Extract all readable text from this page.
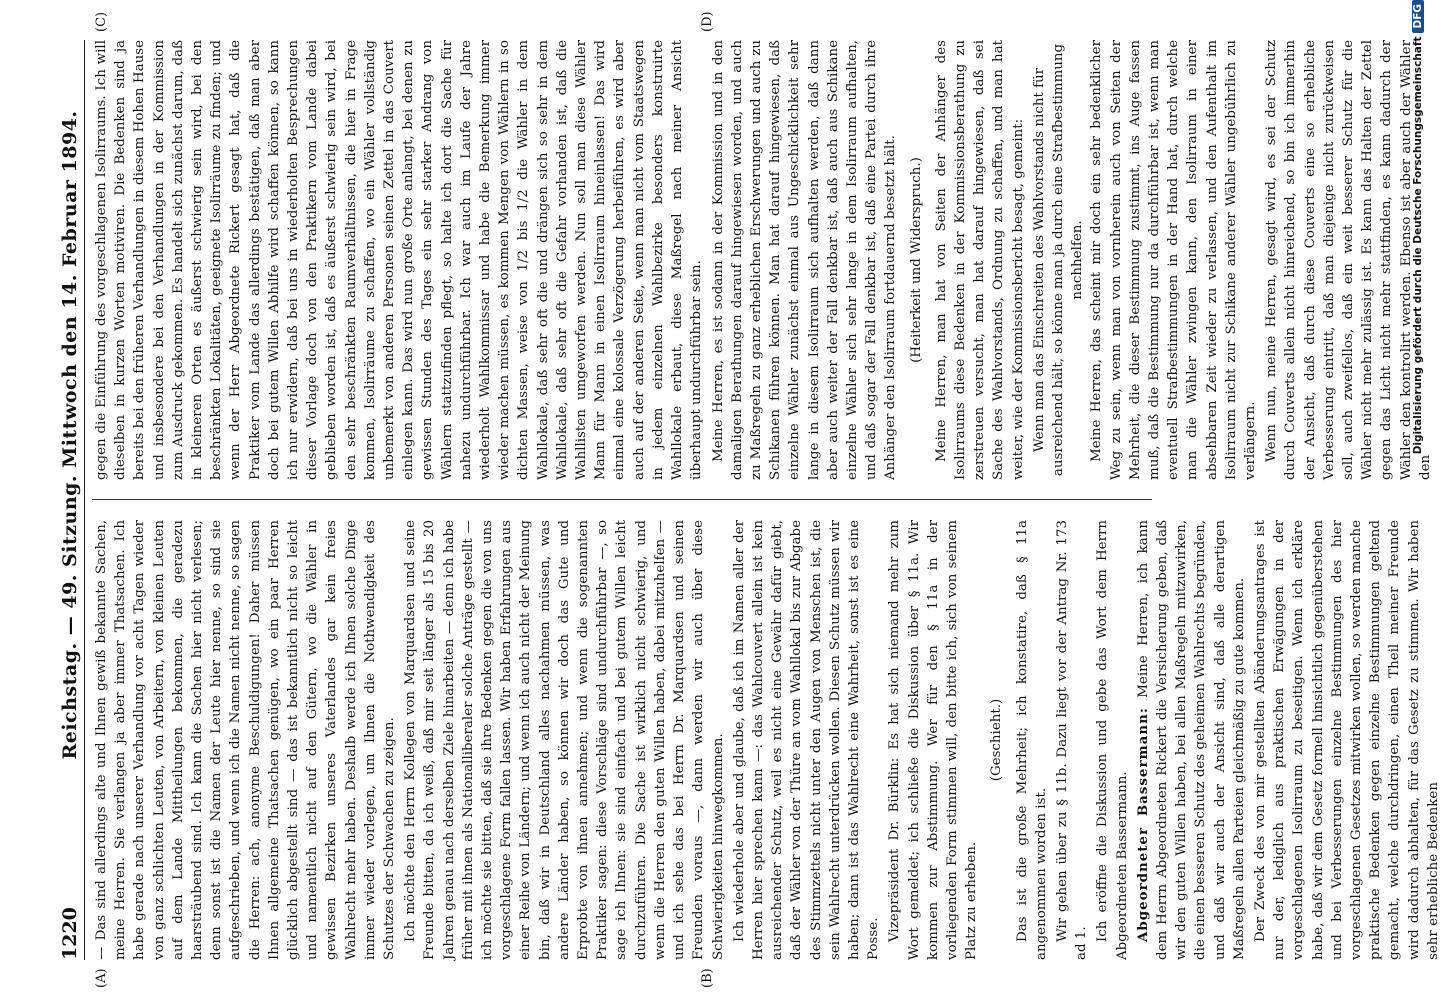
1220
Reichstag. — 49. Sitzung. Mittwoch den 14. Februar 1894.
(A)	(B)
(C)	(D)

— Das sind allerdings alte und Ihnen gewiß bekannte Sachen, meine Herren. Sie verlangen ja aber immer Thatsachen. Ich habe gerade nach unserer Verhandlung vor acht Tagen wieder von ganz schlichten Leuten, von Arbeitern, von kleinen Leuten auf dem Lande Mittheilungen bekommen, die geradezu haarsträubend sind. Ich kann die Sachen hier nicht verlesen; denn sonst ist die Namen der Leute hier nenne, so sind sie aufgeschrieben, und wenn ich die Namen nicht nenne, so sagen die Herren: ach, anonyme Beschuldigungen! Daher müssen Ihnen allgemeine Thatsachen genügen, wo ein paar Herren glücklich abgestellt sind — das ist bekanntlich nicht so leicht und namentlich nicht auf den Gütern, wo die Wähler in gewissen Bezirken unseres Vaterlandes gar kein freies Wahlrecht mehr haben. Deshalb werde ich Ihnen solche Dinge immer wieder vorlegen, um Ihnen die Nothwendigkeit des Schutzes der Schwachen zu zeigen. Ich möchte den Herrn Kollegen von Marquardsen und seine Freunde bitten, da ich weiß, daß mir seit länger als 15 bis 20 Jahren genau nach derselben Ziele hinarbeiten — denn ich habe früher mit ihnen als Nationalliberaler solche Anträge gestellt — ich möchte sie bitten, daß sie ihre Bedenken gegen die von uns vorgeschlagene Form fallen lassen. Wir haben Erfahrungen aus einer Reihe von Ländern; und wenn ich auch nicht der Meinung bin, daß wir in Deutschland alles nachahmen müssen, was andere Länder haben, so können wir doch das Gute und Erprobte von ihnen annehmen; und wenn die sogenannten Praktiker sagen: diese Vorschläge sind undurchführbar —, so sage ich Ihnen: sie sind einfach und bei gutem Willen leicht durchzuführen. Die Sache ist wirklich nicht schwierig, und wenn die Herren den guten Willen haben, dabei mitzuhelfen — und ich sehe das bei Herrn Dr. Marquardsen und seinen Freunden voraus —, dann werden wir auch über diese Schwierigkeiten hinwegkommen. Ich wiederhole aber und glaube, daß ich im Namen aller der Herren hier sprechen kann —: das Wahlcouvert allein ist kein ausreichender Schutz, weil es nicht eine Gewähr dafür giebt, daß der Wähler von der Thüre an vom Wahllokal bis zur Abgabe des Stimmzettels nicht unter den Augen von Menschen ist, die sein Wahlrecht unterdrücken wollen. Diesen Schutz müssen wir haben; dann ist das Wahlrecht eine Wahrheit, sonst ist es eine Posse. Vizepräsident Dr. Bürklin: Es hat sich niemand mehr zum Wort gemeldet; ich schließe die Diskussion über § 11a. Wir kommen zur Abstimmung. Wer für den § 11a in der vorliegenden Form stimmen will, den bitte ich, sich von seinem Platz zu erheben.

(Geschieht.) Das ist die große Mehrheit; ich konstatire, daß § 11a angenommen worden ist. Wir gehen über zu § 11b. Dazu liegt vor der Antrag Nr. 173 ad 1.

Ich eröffne die Diskussion und gebe das Wort dem Herrn Abgeordneten Bassermann. Abgeordneter Bassermann: Meine Herren, ich kann dem Herrn Abgeordneten Rickert die Versicherung geben, daß wir den guten Willen haben, bei allen Maßregeln mitzuwirken, die einen besseren Schutz des geheimen Wahlrechts begründen, und daß wir auch der Ansicht sind, daß alle derartigen Maßregeln allen Parteien gleichmäßig zu gute kommen. Der Zweck des von mir gestellten Abänderungsantrages ist nur der, lediglich aus praktischen Erwägungen in der vorgeschlagenen Isolirraum zu beseitigen. Wenn ich erkläre habe, daß wir dem Gesetz formell hinsichtlich gegenüberstehen und bei Verbesserungen einzelne Bestimmungen des hier vorgeschlagenen Gesetzes mitwirken wollen, so werden manche praktische Bedenken gegen einzelne Bestimmungen geltend gemacht, welche durchdringen, einen Theil meiner Freunde wird dadurch abhalten, für das Gesetz zu stimmen. Wir haben sehr erhebliche Bedenken

gegen die Einführung des vorgeschlagenen Isolirraums. Ich will dieselben in kurzen Worten motiviren. Die Bedenken sind ja bereits bei den früheren Verhandlungen in diesem Hohen Hause und insbesondere bei den Verhandlungen in der Kommission zum Ausdruck gekommen. Es handelt sich zunächst darum, daß in kleineren Orten es äußerst schwierig sein wird, bei den beschränkten Lokalitäten, geeignete Isolirräume zu finden; und wenn der Herr Abgeordnete Rickert gesagt hat, daß die Praktiker vom Lande das allerdings bestätigen, daß man aber doch bei gutem Willen Abhilfe wird schaffen können, so kann ich nur erwidern, daß bei uns in wiederholten Besprechungen dieser Vorlage doch von den Praktikern vom Lande dabei geblieben worden ist, daß es äußerst schwierig sein wird, bei den sehr beschränkten Raumverhältnissen, die hier in Frage kommen, Isolirräume zu schaffen, wo ein Wähler vollständig unbemerkt von anderen Personen seinen Zettel in das Couvert einlegen kann. Das wird nun große Orte anlangt, bei denen zu gewissen Stunden des Tages ein sehr starker Andrang von Wählern stattzufinden pflegt, so halte ich dort die Sache für nahezu undurchführbar. Ich war auch im Laufe der Jahre wiederholt Wahlkommissar und habe die Bemerkung immer wieder machen müssen, es kommen Mengen von Wählern in so dichten Massen, weise von 1/2 bis 1/2 die Wähler in dem Wahllokale, daß sehr oft die und drängen sich so sehr in dem Wahllokale, daß sehr oft die Gefahr vorhanden ist, daß die Wahllisten umgeworfen werden. Nun soll man diese Wähler Mann für Mann in einen Isolirraum hineinlassen! Das wird einmal eine kolossale Verzögerung herbeiführen, es wird aber auch auf der anderen Seite, wenn man nicht vom Staatswegen in jedem einzelnen Wahlbezirke besonders konstruirte Wahllokale erbaut, diese Maßregel nach meiner Ansicht überhaupt undurchführbar sein. Meine Herren, es ist sodann in der Kommission und in den damaligen Berathungen darauf hingewiesen worden, und auch zu Maßregeln zu ganz erheblichen Erschwerungen und auch zu Schikanen führen können. Man hat darauf hingewiesen, daß einzelne Wähler zunächst einmal aus Ungeschicklichkeit sehr lange in diesem Isolirraum sich aufhalten werden, daß dann aber auch weiter der Fall denkbar ist, daß auch aus Schikane einzelne Wähler sich sehr lange in dem Isolirraum aufhalten, und daß sogar der Fall denkbar ist, daß eine Partei durch ihre Anhänger den Isolirraum fortdauernd besetzt hält. (Heiterkeit und Widerspruch.) Meine Herren, man hat von Seiten der Anhänger des Isolirraums diese Bedenken in der Kommissionsberathung zu zerstreuen versucht, man hat darauf hingewiesen, daß sei Sache des Wahlvorstands, Ordnung zu schaffen, und man hat weiter, wie der Kommissionsbericht besagt, gemeint: Wenn man das Einschreiten des Wahlvorstands nicht für ausreichend hält, so könne man ja durch eine Strafbestimmung nachhelfen. Meine Herren, das scheint mir doch ein sehr bedenklicher Weg zu sein, wenn man von vornherein auch von Seiten der Mehrheit, die dieser Bestimmung zustimmt, ins Auge fassen muß, daß die Bestimmung nur da durchführbar ist, wenn man eventuell Strafbestimmungen in der Hand hat, durch welche man die Wähler zwingen kann, den Isolirraum in einer absehbaren Zeit wieder zu verlassen, und den Aufenthalt im Isolirraum nicht zur Schikane anderer Wähler ungebührlich zu verlängern. Wenn nun, meine Herren, gesagt wird, es sei der Schutz durch Couverts allein nicht hinreichend, so bin ich immerhin der Ansicht, daß durch diese Couverts eine so erhebliche Verbesserung eintritt, daß man diejenige nicht zurückweisen soll, auch zweifellos, daß ein weit besserer Schutz für die Wähler nicht mehr zulässig ist. Es kann das Halten der Zettel gegen das Licht nicht mehr stattfinden, es kann dadurch der Wähler den kontrolirt werden. Ebenso ist aber auch der Wähler den

Digitalisierung gefördert durch die Deutsche ForschungsgemeinschaftDFG
